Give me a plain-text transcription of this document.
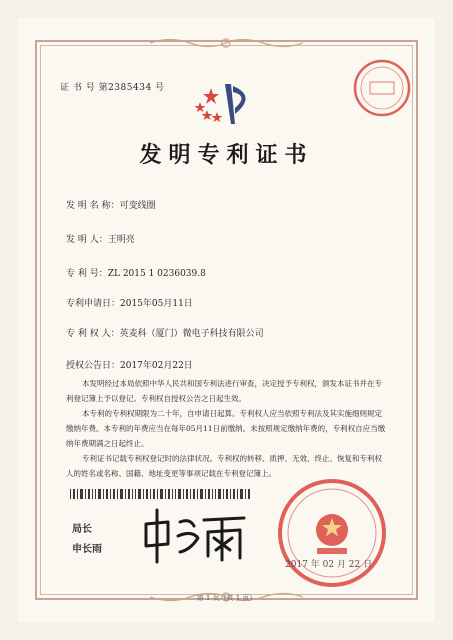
证 书 号 第2385434 号
发明专利证书
发 明 名 称：可变线圈
发 明 人：王明亮
专 利 号：ZL 2015 1 0236039.8
专利申请日：2015年05月11日
专 利 权 人：英麦科（厦门）微电子科技有限公司
授权公告日：2017年02月22日
本发明经过本局依照中华人民共和国专利法进行审查，决定授予专利权，颁发本证书并在专利登记簿上予以登记。专利权自授权公告之日起生效。
本专利的专利权期限为二十年，自申请日起算。专利权人应当依照专利法及其实施细则规定缴纳年费。本专利的年费应当在每年05月11日前缴纳。未按照规定缴纳年费的，专利权自应当缴纳年费期满之日起终止。
专利证书记载专利权登记时的法律状况。专利权的转移、质押、无效、终止、恢复和专利权人的姓名或名称、国籍、地址变更等事项记载在专利登记簿上。
局长
申长雨
2017 年 02 月 22 日
第 1 页（共 1 页）
